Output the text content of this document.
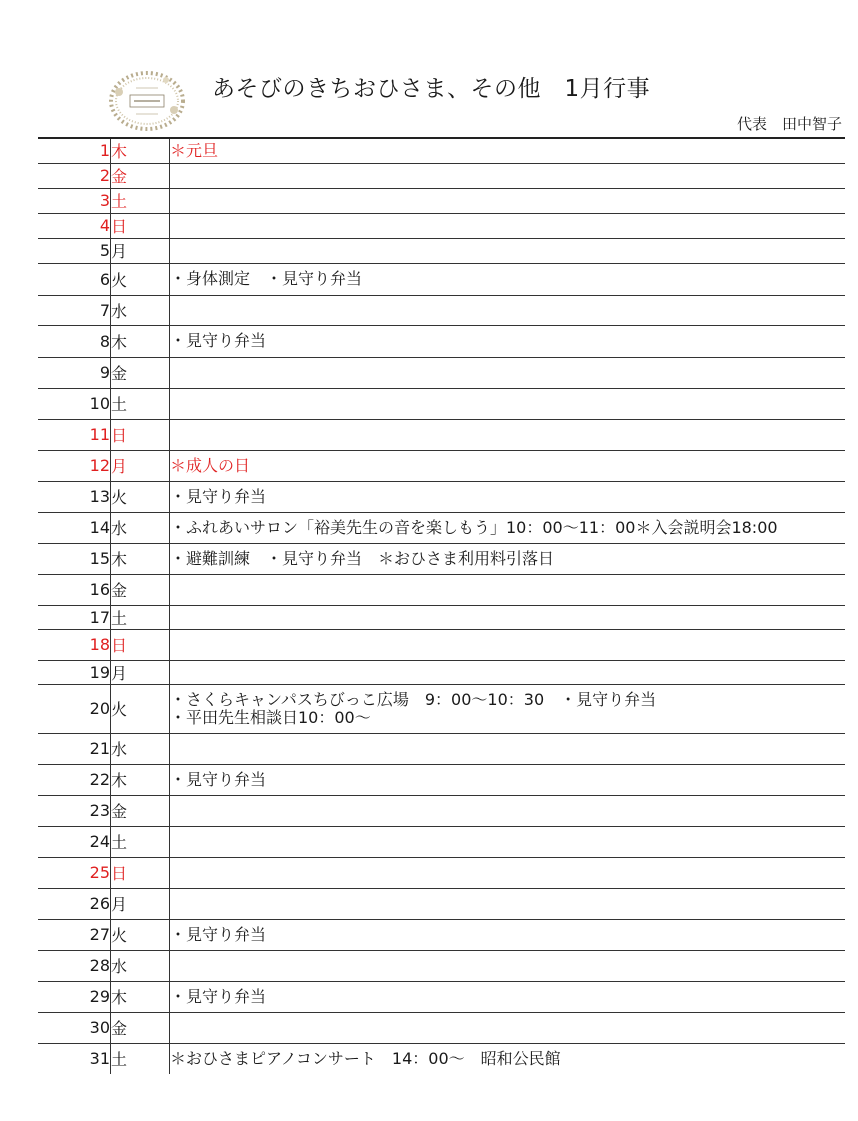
あそびのきちおひさま、その他　1月行事
代表　田中智子
1	木	＊元旦

2	金	
3	土	
4	日	
5	月	
6	火	・身体測定　・見守り弁当

7	水	
8	木	・見守り弁当

9	金	
10	土	
11	日	
12	月	＊成人の日

13	火	・見守り弁当

14	水	・ふれあいサロン「裕美先生の音を楽しもう」10：00〜11：00＊入会説明会18:00

15	木	・避難訓練　・見守り弁当　＊おひさま利用料引落日

16	金	
17	土	
18	日	
19	月	
20	火	・さくらキャンパスちびっこ広場　9：00〜10：30　・見守り弁当
・平田先生相談日10：00〜

21	水	
22	木	・見守り弁当

23	金	
24	土	
25	日	
26	月	
27	火	・見守り弁当

28	水	
29	木	・見守り弁当

30	金	
31	土	＊おひさまピアノコンサート　14：00〜　昭和公民館
